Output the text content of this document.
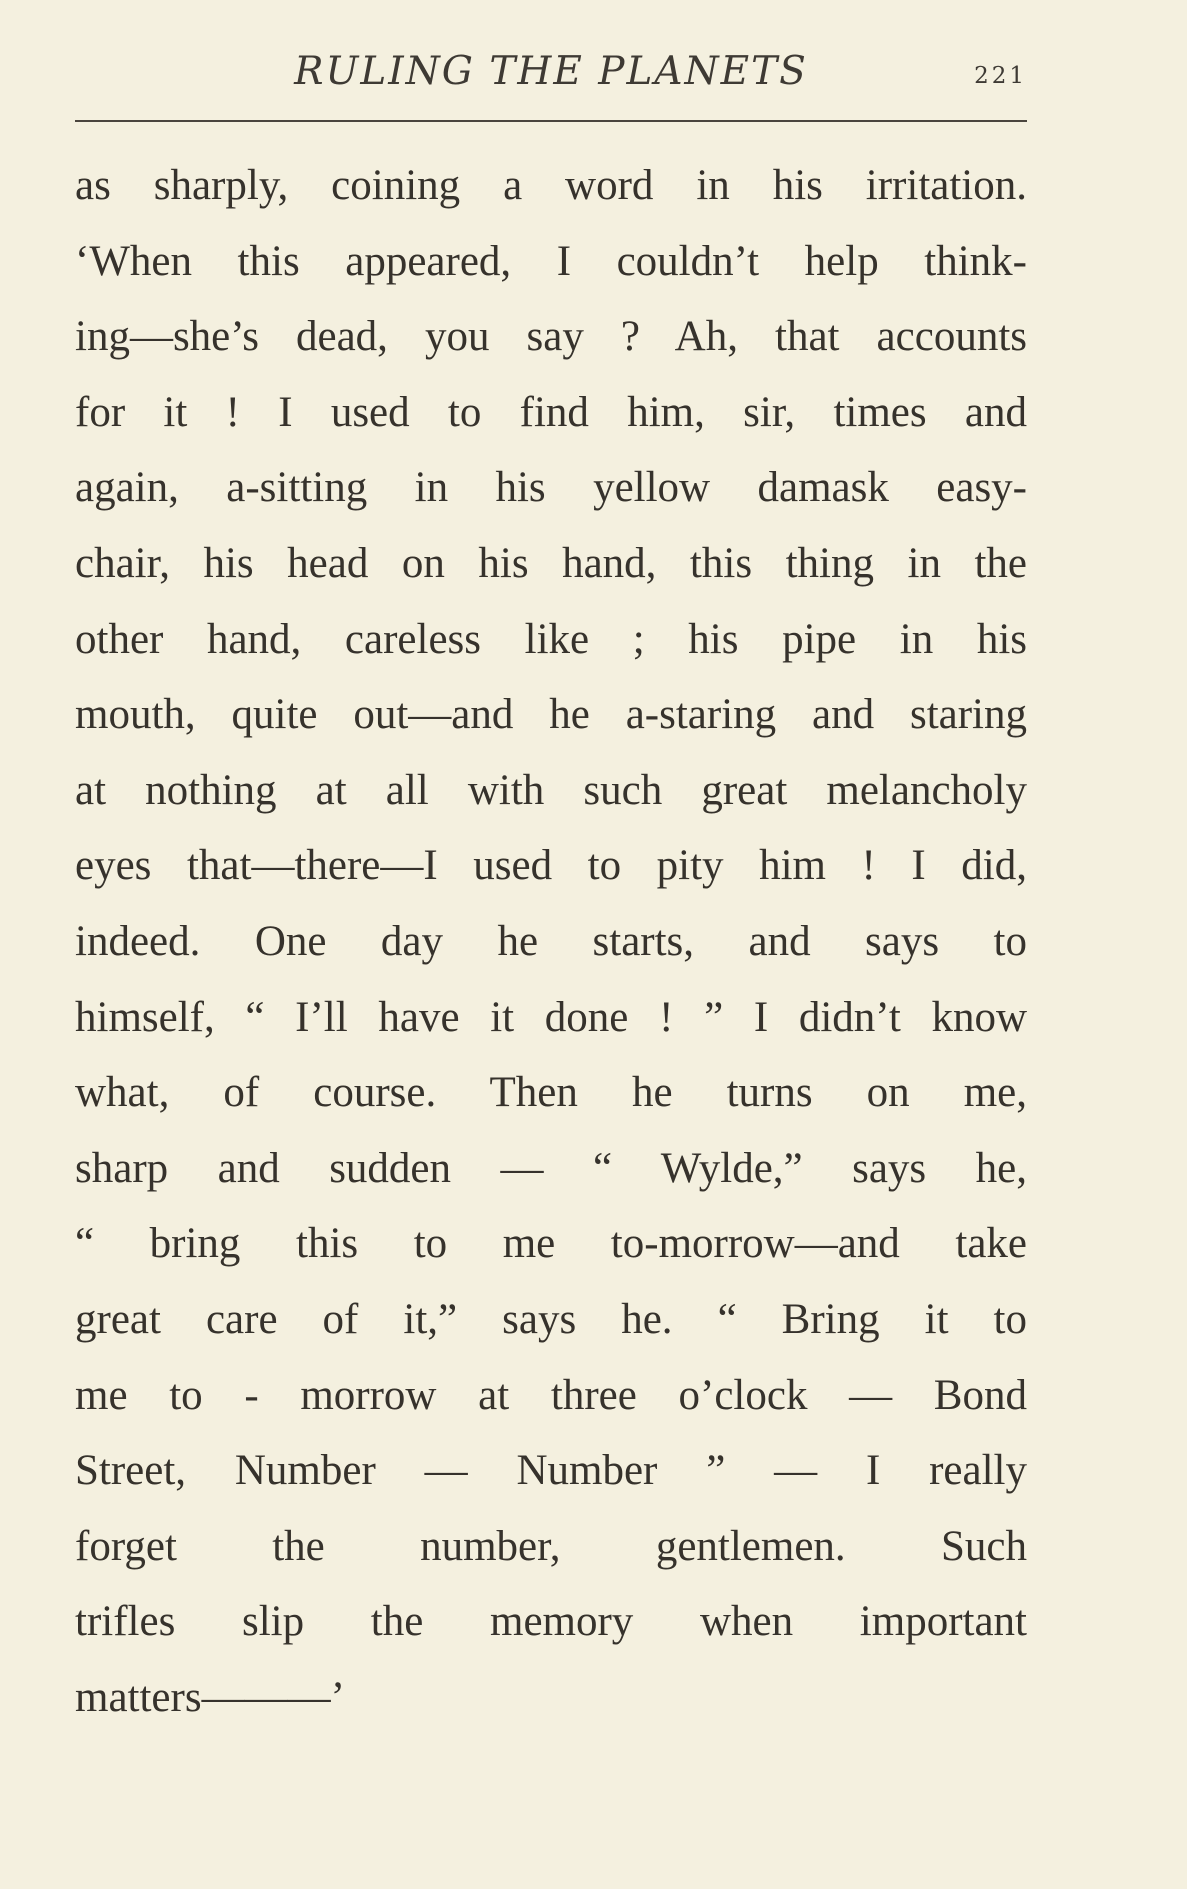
RULING THE PLANETS	221
as sharply, coining a word in his irritation.
‘When this appeared, I couldn’t help think-
ing—she’s dead, you say ? Ah, that accounts
for it ! I used to find him, sir, times and
again, a-sitting in his yellow damask easy-
chair, his head on his hand, this thing in the
other hand, careless like ; his pipe in his
mouth, quite out—and he a-staring and staring
at nothing at all with such great melancholy
eyes that—there—I used to pity him ! I did,
indeed. One day he starts, and says to
himself, “ I’ll have it done ! ” I didn’t know
what, of course. Then he turns on me,
sharp and sudden — “ Wylde,” says he,
“ bring this to me to-morrow—and take
great care of it,” says he. “ Bring it to
me to - morrow at three o’clock — Bond
Street, Number — Number ” — I really
forget the number, gentlemen. Such
trifles slip the memory when important
matters———’
